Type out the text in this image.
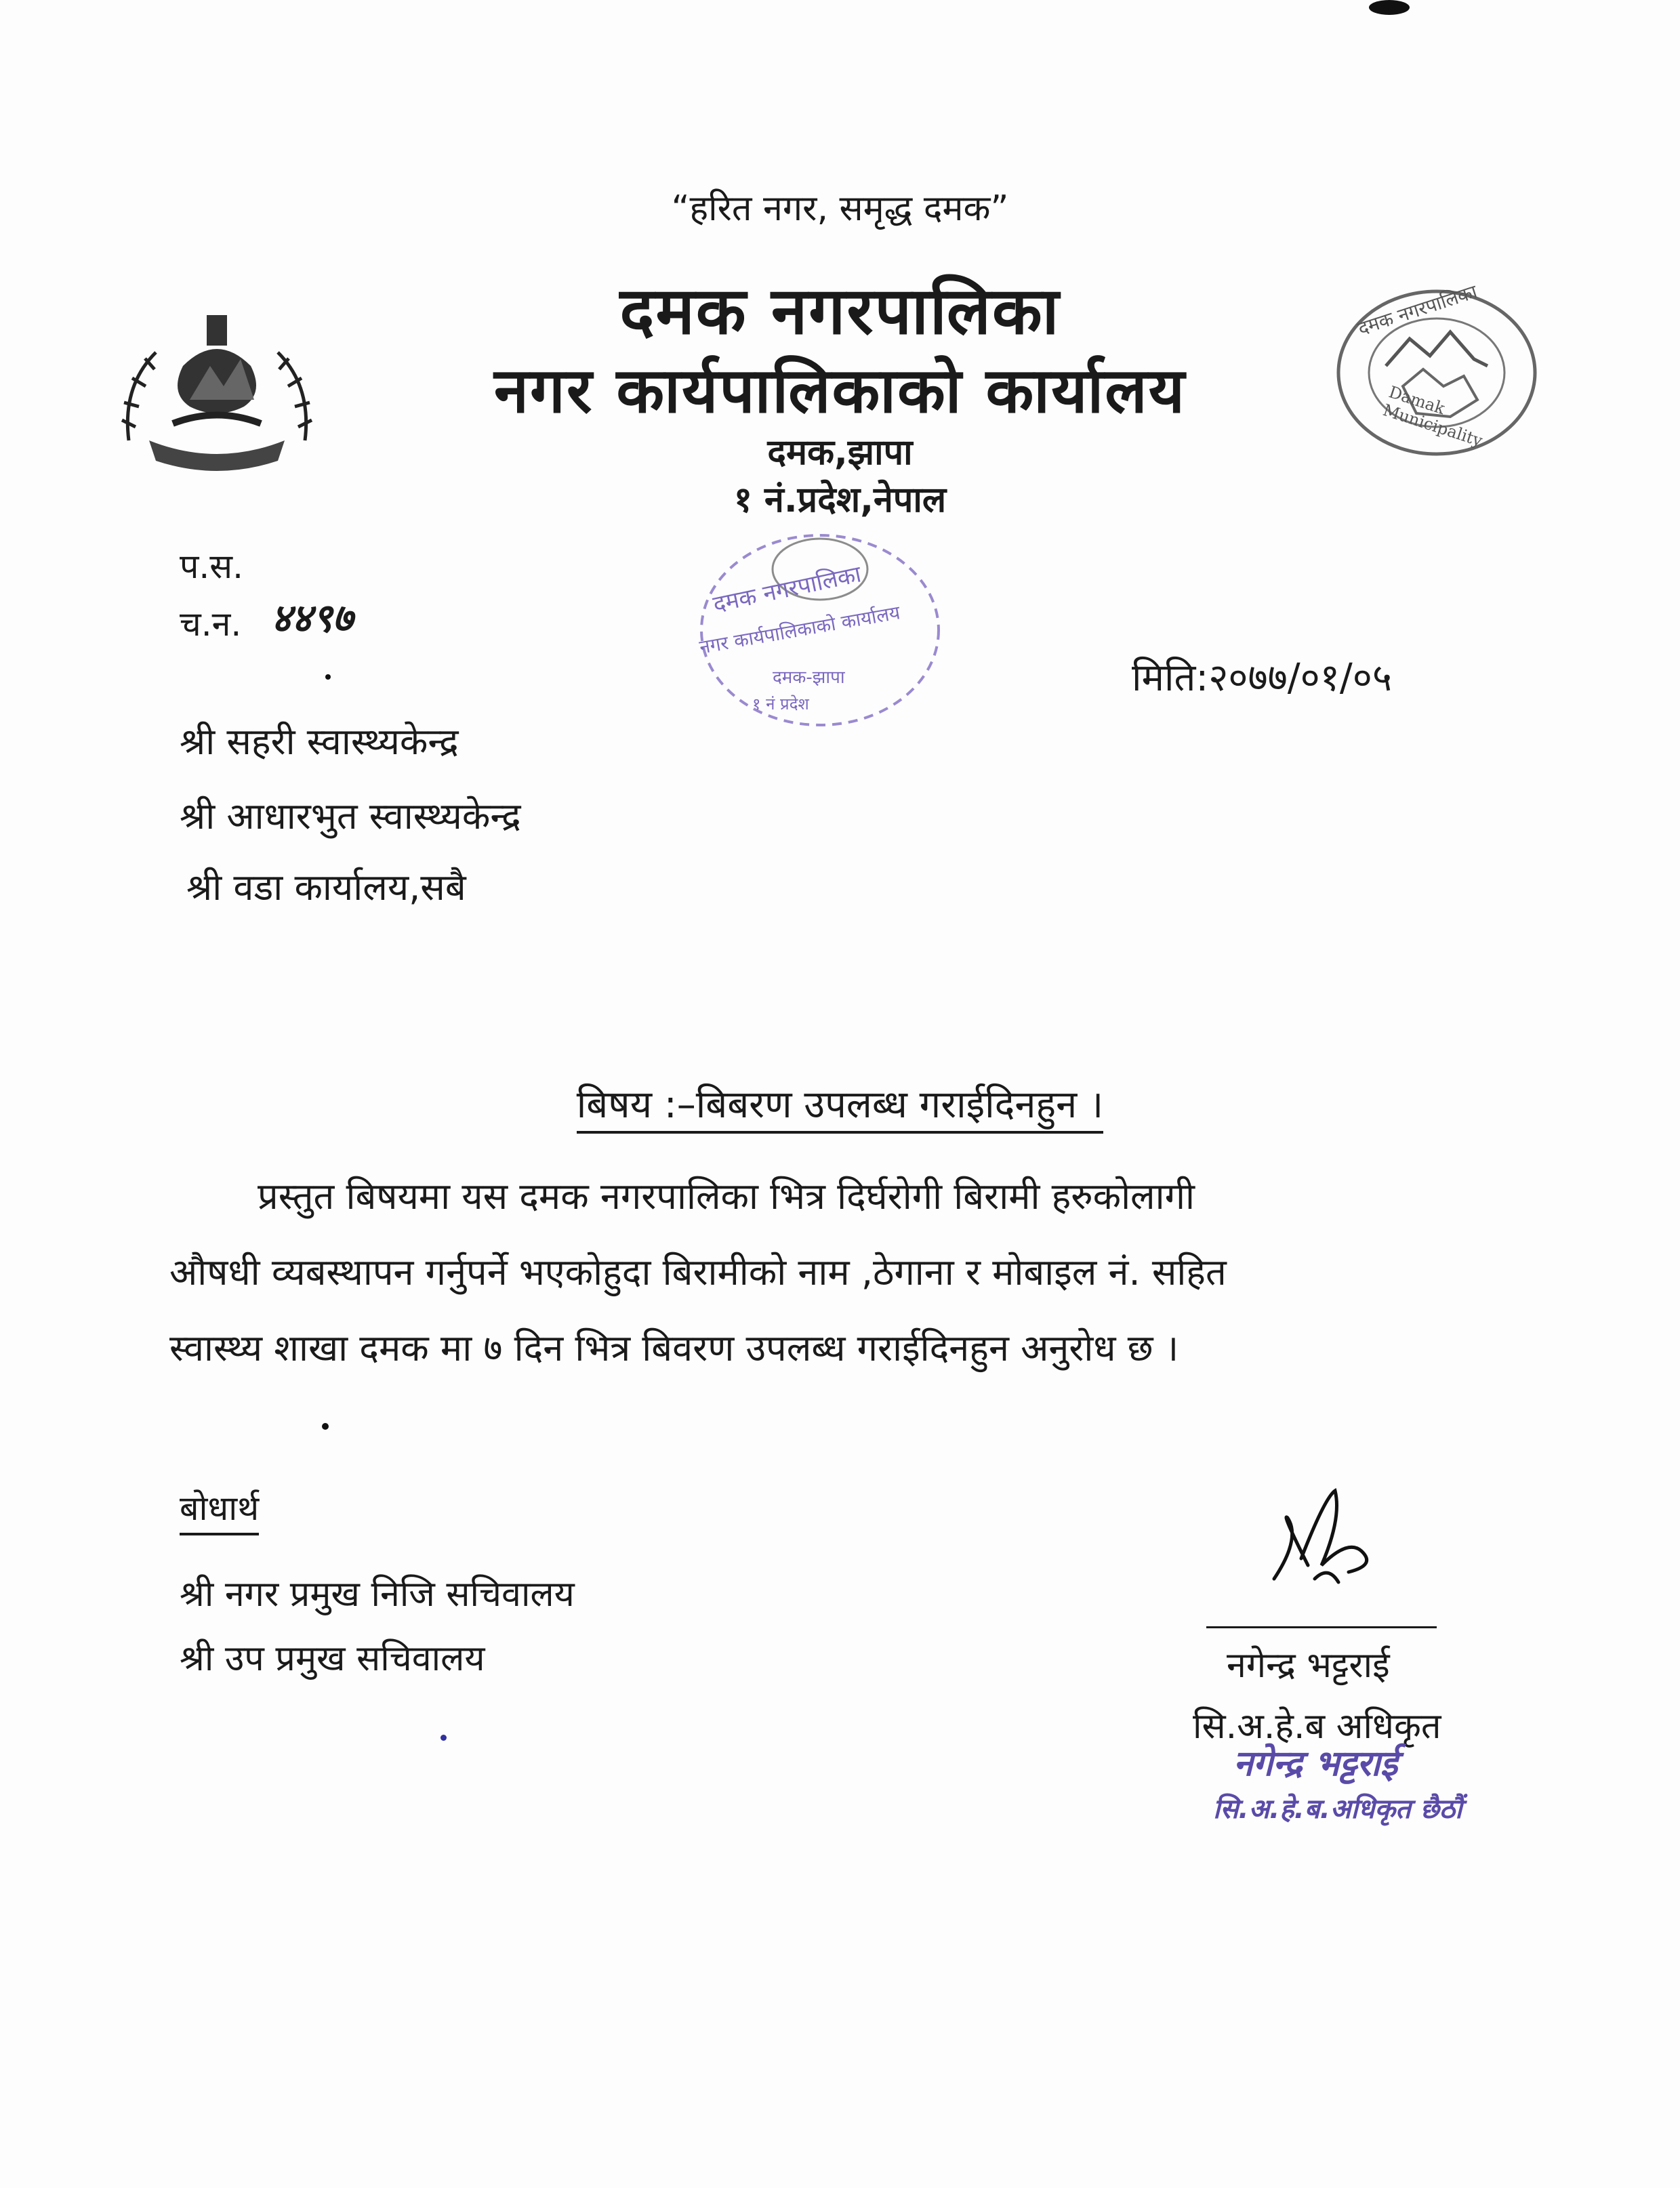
दमक नगरपालिका
Damak Municipality
“हरित नगर, समृद्ध दमक”
दमक नगरपालिका
नगर कार्यपालिकाको कार्यालय
दमक,झापा
१ नं.प्रदेश,नेपाल
प.स.
च.न. ४४९७
मिति:२०७७/०१/०५
दमक नगरपालिका
नगर कार्यपालिकाको कार्यालय
दमक-झापा
१ नं प्रदेश
श्री सहरी स्वास्थ्यकेन्द्र
श्री आधारभुत स्वास्थ्यकेन्द्र
श्री वडा कार्यालय,सबै
बिषय :–बिबरण उपलब्ध गराईदिनहुन ।
प्रस्तुत बिषयमा यस दमक नगरपालिका भित्र दिर्घरोगी बिरामी हरुकोलागी
औषधी व्यबस्थापन गर्नुपर्ने भएकोहुदा बिरामीको नाम ,ठेगाना र मोबाइल नं. सहित
स्वास्थ्य शाखा दमक मा ७ दिन भित्र बिवरण उपलब्ध गराईदिनहुन अनुरोध छ ।
बोधार्थ
श्री नगर प्रमुख निजि सचिवालय
श्री उप प्रमुख सचिवालय	नगेन्द्र भट्टराई
सि.अ.हे.ब अधिकृत
नगेन्द्र भट्टराई
सि.अ.हे.ब.अधिकृत छैठौं
